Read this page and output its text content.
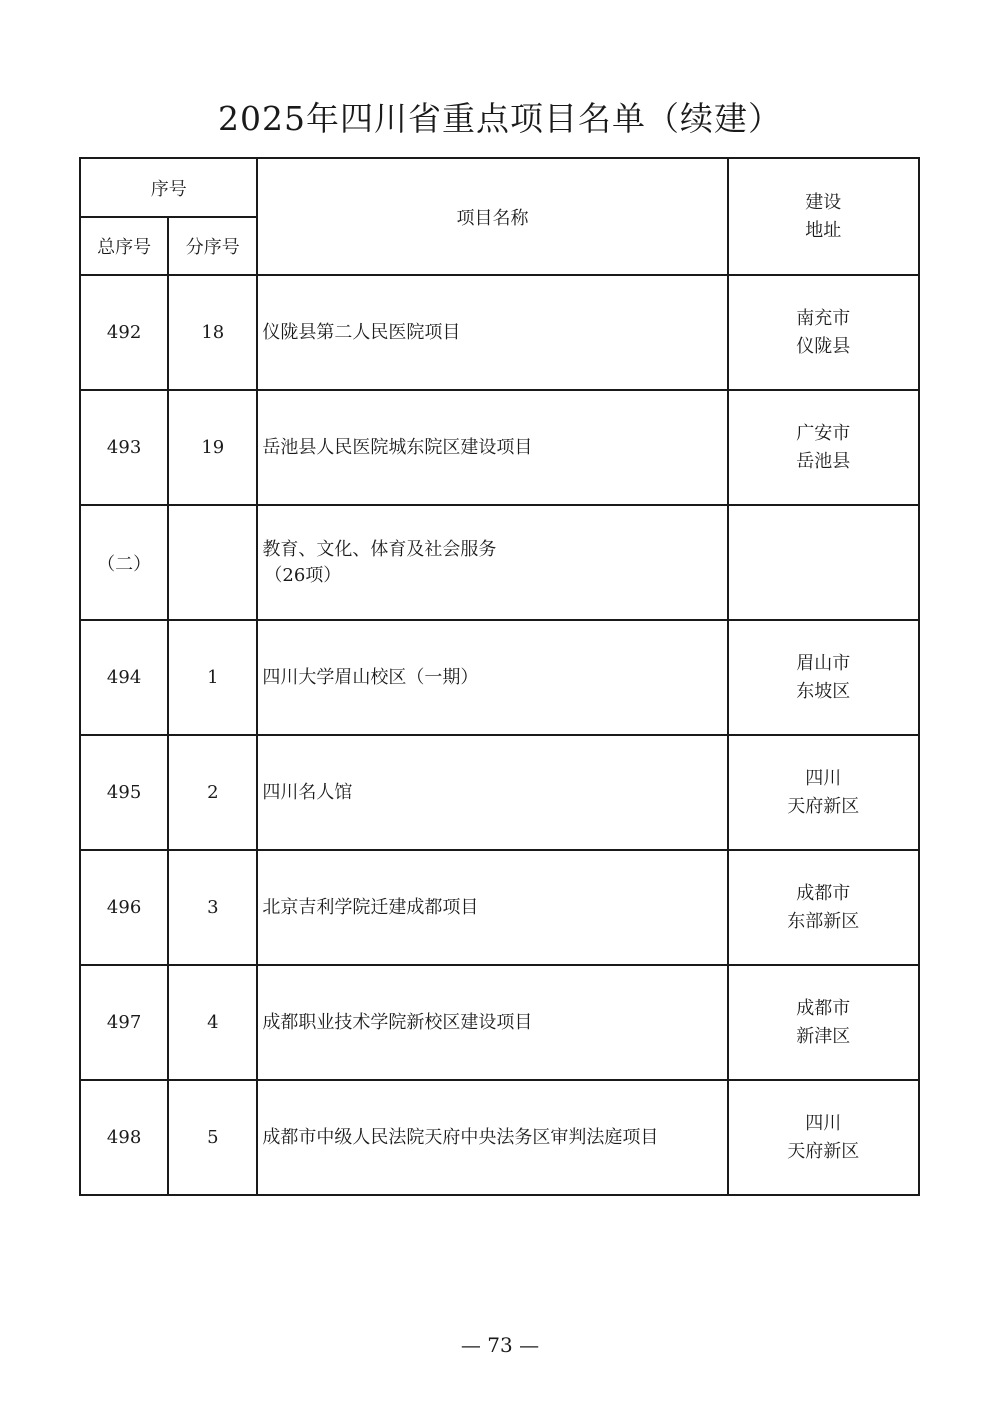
2025年四川省重点项目名单（续建）
序号		项目名称	建设
地址

总序号	分序号		
492	18	仪陇县第二人民医院项目	南充市
仪陇县

493	19	岳池县人民医院城东院区建设项目	广安市
岳池县

（二）		教育、文化、体育及社会服务
（26项）	

494	1	四川大学眉山校区（一期）	眉山市
东坡区

495	2	四川名人馆	四川
天府新区

496	3	北京吉利学院迁建成都项目	成都市
东部新区

497	4	成都职业技术学院新校区建设项目	成都市
新津区

498	5	成都市中级人民法院天府中央法务区审判法庭项目	四川
天府新区
— 73 —
